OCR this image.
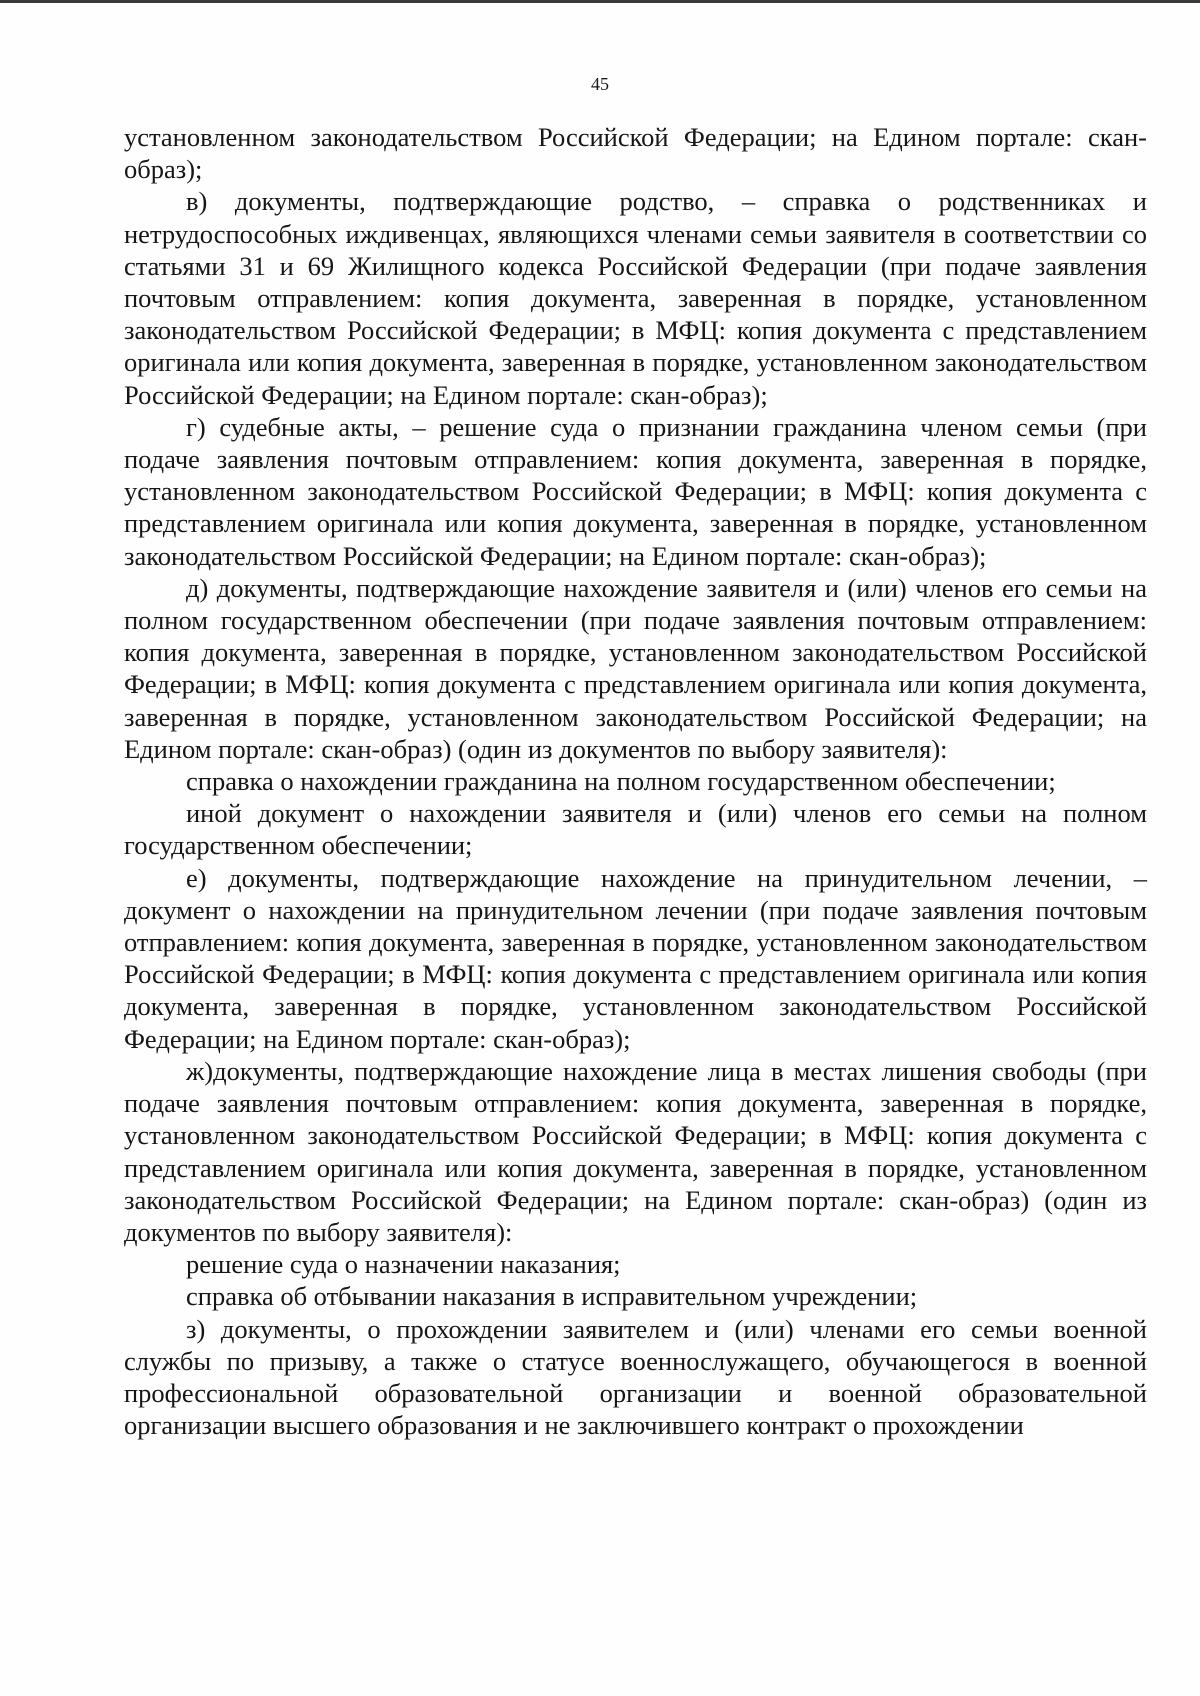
45

установленном законодательством Российской Федерации; на Едином портале: скан-образ);

в) документы, подтверждающие родство, – справка о родственниках и нетрудоспособных иждивенцах, являющихся членами семьи заявителя в соответствии со статьями 31 и 69 Жилищного кодекса Российской Федерации (при подаче заявления почтовым отправлением: копия документа, заверенная в порядке, установленном законодательством Российской Федерации; в МФЦ: копия документа с представлением оригинала или копия документа, заверенная в порядке, установленном законодательством Российской Федерации; на Едином портале: скан-образ);

г) судебные акты, – решение суда о признании гражданина членом семьи (при подаче заявления почтовым отправлением: копия документа, заверенная в порядке, установленном законодательством Российской Федерации; в МФЦ: копия документа с представлением оригинала или копия документа, заверенная в порядке, установленном законодательством Российской Федерации; на Едином портале: скан-образ);

д) документы, подтверждающие нахождение заявителя и (или) членов его семьи на полном государственном обеспечении (при подаче заявления почтовым отправлением: копия документа, заверенная в порядке, установленном законодательством Российской Федерации; в МФЦ: копия документа с представлением оригинала или копия документа, заверенная в порядке, установленном законодательством Российской Федерации; на Едином портале: скан-образ) (один из документов по выбору заявителя):

справка о нахождении гражданина на полном государственном обеспечении;

иной документ о нахождении заявителя и (или) членов его семьи на полном государственном обеспечении;

е) документы, подтверждающие нахождение на принудительном лечении, – документ о нахождении на принудительном лечении (при подаче заявления почтовым отправлением: копия документа, заверенная в порядке, установленном законодательством Российской Федерации; в МФЦ: копия документа с представлением оригинала или копия документа, заверенная в порядке, установленном законодательством Российской Федерации; на Едином портале: скан-образ);

ж)документы, подтверждающие нахождение лица в местах лишения свободы (при подаче заявления почтовым отправлением: копия документа, заверенная в порядке, установленном законодательством Российской Федерации; в МФЦ: копия документа с представлением оригинала или копия документа, заверенная в порядке, установленном законодательством Российской Федерации; на Едином портале: скан-образ) (один из документов по выбору заявителя):

решение суда о назначении наказания;

справка об отбывании наказания в исправительном учреждении;

з) документы, о прохождении заявителем и (или) членами его семьи военной службы по призыву, а также о статусе военнослужащего, обучающегося в военной профессиональной образовательной организации и военной образовательной организации высшего образования и не заключившего контракт о прохождении
